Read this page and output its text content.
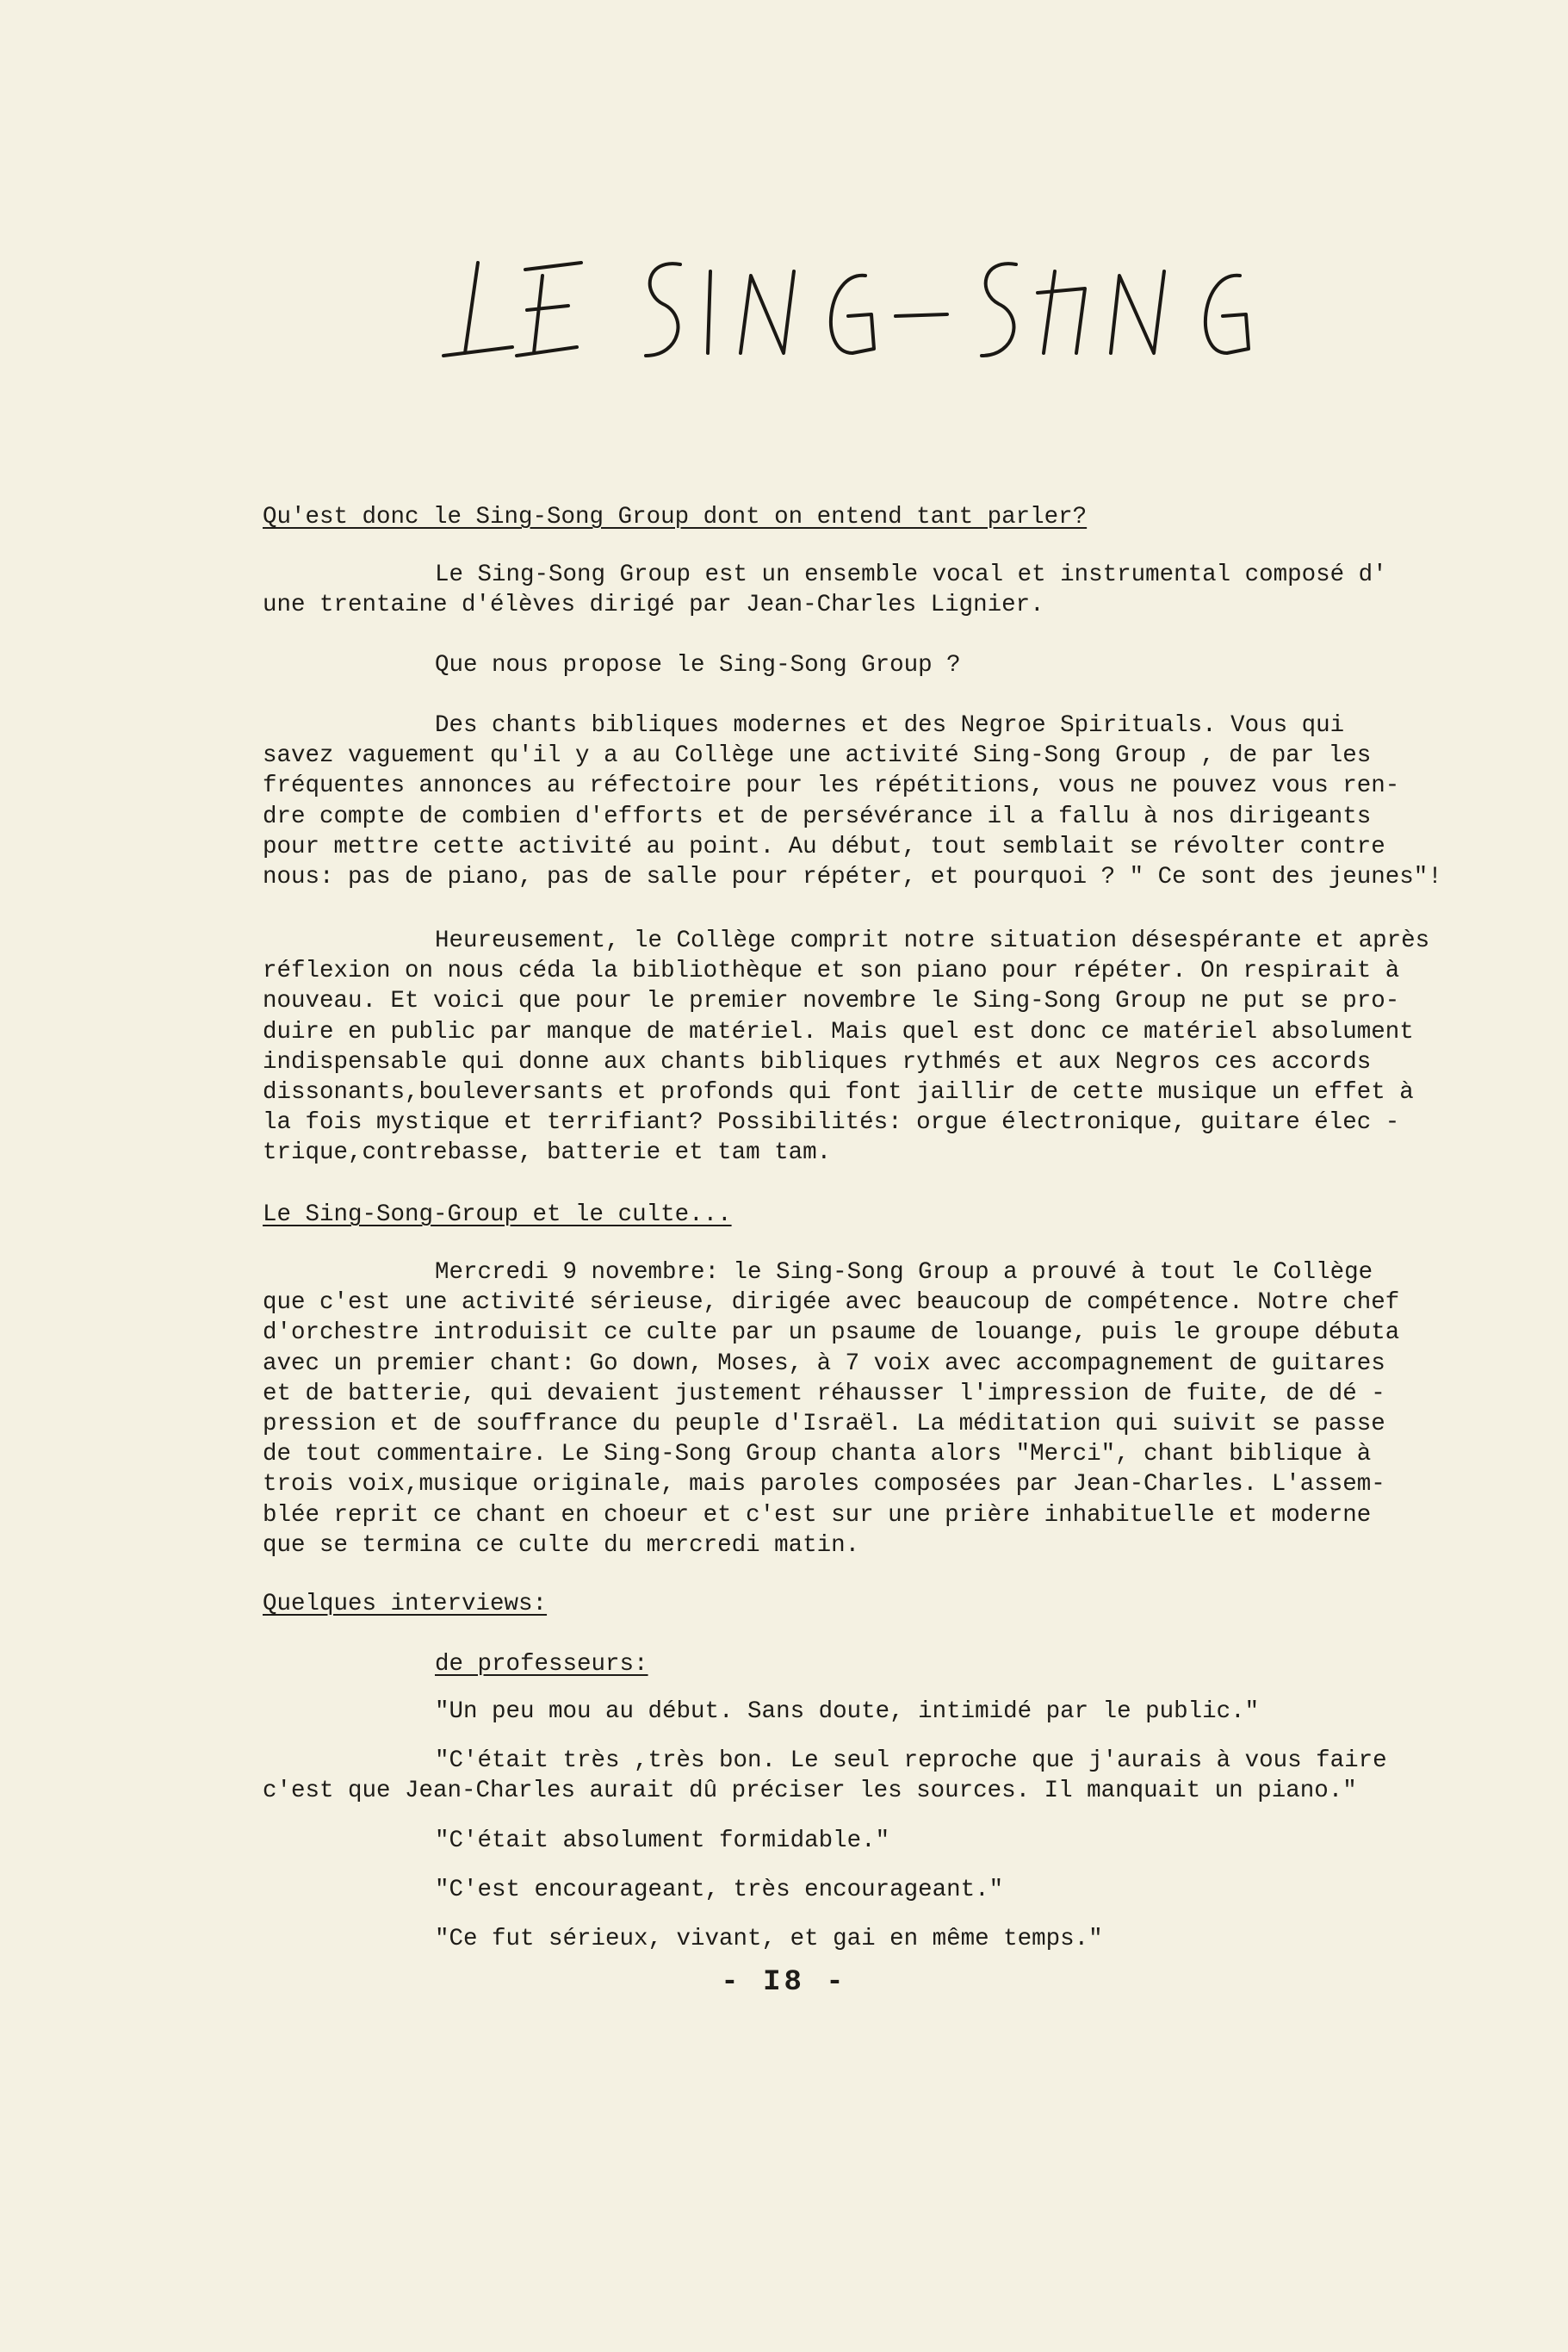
LE SING-SONG
Qu'est donc le Sing-Song Group dont on entend tant parler?
Le Sing-Song Group est un ensemble vocal et instrumental composé d'
une trentaine d'élèves dirigé par Jean-Charles Lignier.
Que nous propose le Sing-Song Group ?
Des chants bibliques modernes et des Negroe Spirituals. Vous qui
savez vaguement qu'il y a au Collège une activité Sing-Song Group , de par les
fréquentes annonces au réfectoire pour les répétitions, vous ne pouvez vous ren-
dre compte de combien d'efforts et de persévérance il a fallu à nos dirigeants
pour mettre cette activité au point. Au début, tout semblait se révolter contre
nous: pas de piano, pas de salle pour répéter, et pourquoi ? " Ce sont des jeunes"!
Heureusement, le Collège comprit notre situation désespérante et après
réflexion on nous céda la bibliothèque et son piano pour répéter. On respirait à
nouveau. Et voici que pour le premier novembre le Sing-Song Group ne put se pro-
duire en public par manque de matériel. Mais quel est donc ce matériel absolument
indispensable qui donne aux chants bibliques rythmés et aux Negros ces accords
dissonants,bouleversants et profonds qui font jaillir de cette musique un effet à
la fois mystique et terrifiant? Possibilités: orgue électronique, guitare élec -
trique,contrebasse, batterie et tam tam.
Le Sing-Song-Group et le culte...
Mercredi 9 novembre: le Sing-Song Group a prouvé à tout le Collège
que c'est une activité sérieuse, dirigée avec beaucoup de compétence. Notre chef
d'orchestre introduisit ce culte par un psaume de louange, puis le groupe débuta
avec un premier chant: Go down, Moses, à 7 voix avec accompagnement de guitares
et de batterie, qui devaient justement réhausser l'impression de fuite, de dé -
pression et de souffrance du peuple d'Israël. La méditation qui suivit se passe
de tout commentaire. Le Sing-Song Group chanta alors "Merci", chant biblique à
trois voix,musique originale, mais paroles composées par Jean-Charles. L'assem-
blée reprit ce chant en choeur et c'est sur une prière inhabituelle et moderne
que se termina ce culte du mercredi matin.
Quelques interviews:
de professeurs:
"Un peu mou au début. Sans doute, intimidé par le public."
"C'était très ,très bon. Le seul reproche que j'aurais à vous faire
c'est que Jean-Charles aurait dû préciser les sources. Il manquait un piano."
"C'était absolument formidable."
"C'est encourageant, très encourageant."
"Ce fut sérieux, vivant, et gai en même temps."
- I8 -
